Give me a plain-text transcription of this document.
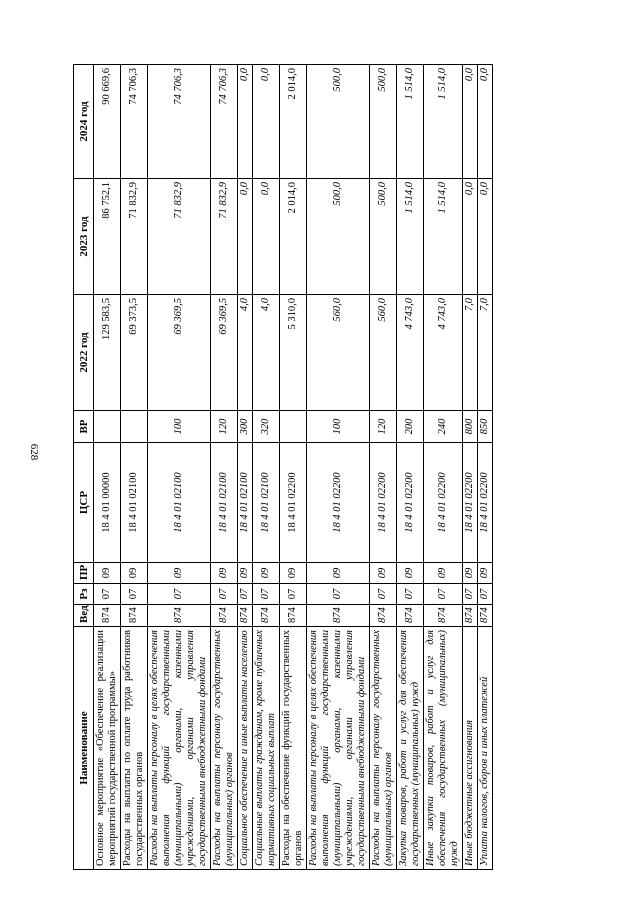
628
Наименование	Вед	Рз	ПР	ЦСР	ВР	2022 год	2023 год	2024 год
Основное мероприятие «Обеспечение реализации мероприятий государственной программы»	874	07	09	18 4 01 00000		129 583,5	86 752,1	90 669,6
Расходы на выплаты по оплате труда работников государственных органов	874	07	09	18 4 01 02100		69 373,5	71 832,9	74 706,3
Расходы на выплаты персоналу в целях обеспечения выполнения функций государственными (муниципальными) органами, казенными учреждениями, органами управления государственными внебюджетными фондами	874	07	09	18 4 01 02100	100	69 369,5	71 832,9	74 706,3
Расходы на выплаты персоналу государственных (муниципальных) органов	874	07	09	18 4 01 02100	120	69 369,5	71 832,9	74 706,3
Социальное обеспечение и иные выплаты населению	874	07	09	18 4 01 02100	300	4,0	0,0	0,0
Социальные выплаты гражданам, кроме публичных нормативных социальных выплат	874	07	09	18 4 01 02100	320	4,0	0,0	0,0
Расходы на обеспечение функций государственных органов	874	07	09	18 4 01 02200		5 310,0	2 014,0	2 014,0
Расходы на выплаты персоналу в целях обеспечения выполнения функций государственными (муниципальными) органами, казенными учреждениями, органами управления государственными внебюджетными фондами	874	07	09	18 4 01 02200	100	560,0	500,0	500,0
Расходы на выплаты персоналу государственных (муниципальных) органов	874	07	09	18 4 01 02200	120	560,0	500,0	500,0
Закупка товаров, работ и услуг для обеспечения государственных (муниципальных) нужд	874	07	09	18 4 01 02200	200	4 743,0	1 514,0	1 514,0
Иные закупки товаров, работ и услуг для обеспечения государственных (муниципальных) нужд	874	07	09	18 4 01 02200	240	4 743,0	1 514,0	1 514,0
Иные бюджетные ассигнования	874	07	09	18 4 01 02200	800	7,0	0,0	0,0
Уплата налогов, сборов и иных платежей	874	07	09	18 4 01 02200	850	7,0	0,0	0,0
